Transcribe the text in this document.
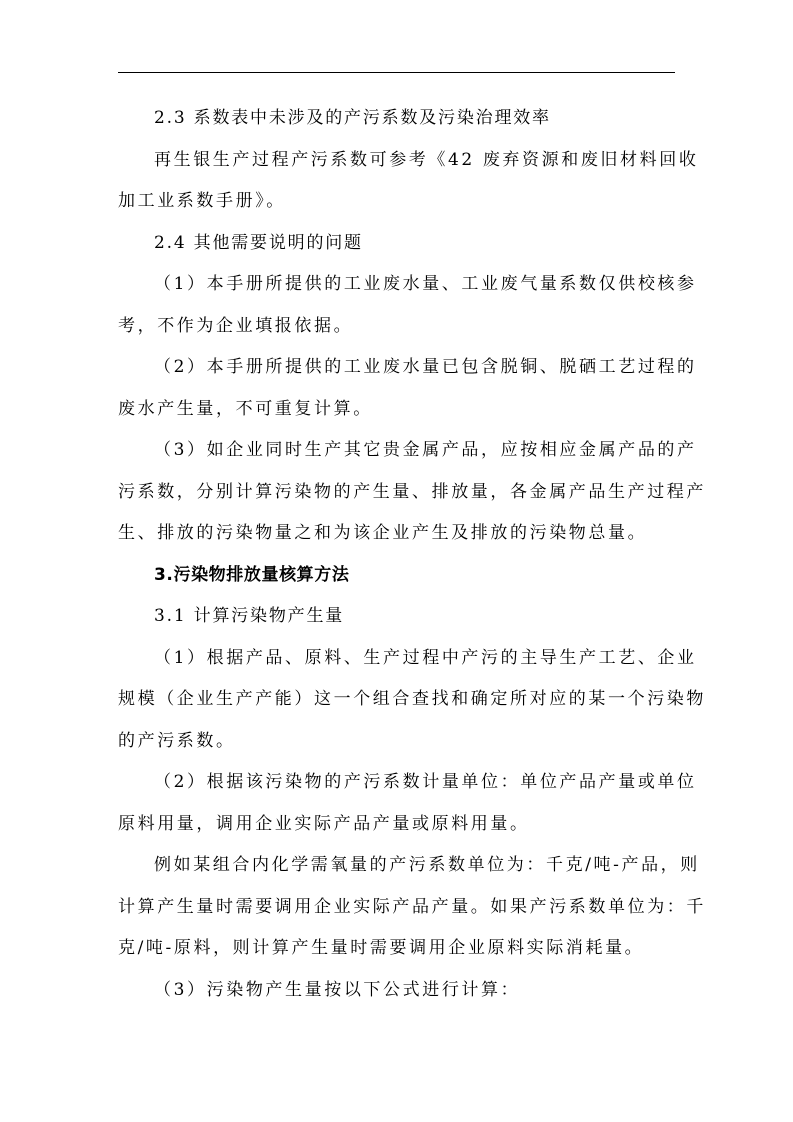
2.3 系数表中未涉及的产污系数及污染治理效率

再生银生产过程产污系数可参考《42 废弃资源和废旧材料回收
加工业系数手册》。

2.4 其他需要说明的问题

（1）本手册所提供的工业废水量、工业废气量系数仅供校核参
考，不作为企业填报依据。
（2）本手册所提供的工业废水量已包含脱铜、脱硒工艺过程的
废水产生量，不可重复计算。
（3）如企业同时生产其它贵金属产品，应按相应金属产品的产
污系数，分别计算污染物的产生量、排放量，各金属产品生产过程产
生、排放的污染物量之和为该企业产生及排放的污染物总量。

3.污染物排放量核算方法

3.1 计算污染物产生量

（1）根据产品、原料、生产过程中产污的主导生产工艺、企业
规模（企业生产产能）这一个组合查找和确定所对应的某一个污染物
的产污系数。
（2）根据该污染物的产污系数计量单位：单位产品产量或单位
原料用量，调用企业实际产品产量或原料用量。
例如某组合内化学需氧量的产污系数单位为：千克/吨-产品，则
计算产生量时需要调用企业实际产品产量。如果产污系数单位为：千
克/吨-原料，则计算产生量时需要调用企业原料实际消耗量。
（3）污染物产生量按以下公式进行计算：
